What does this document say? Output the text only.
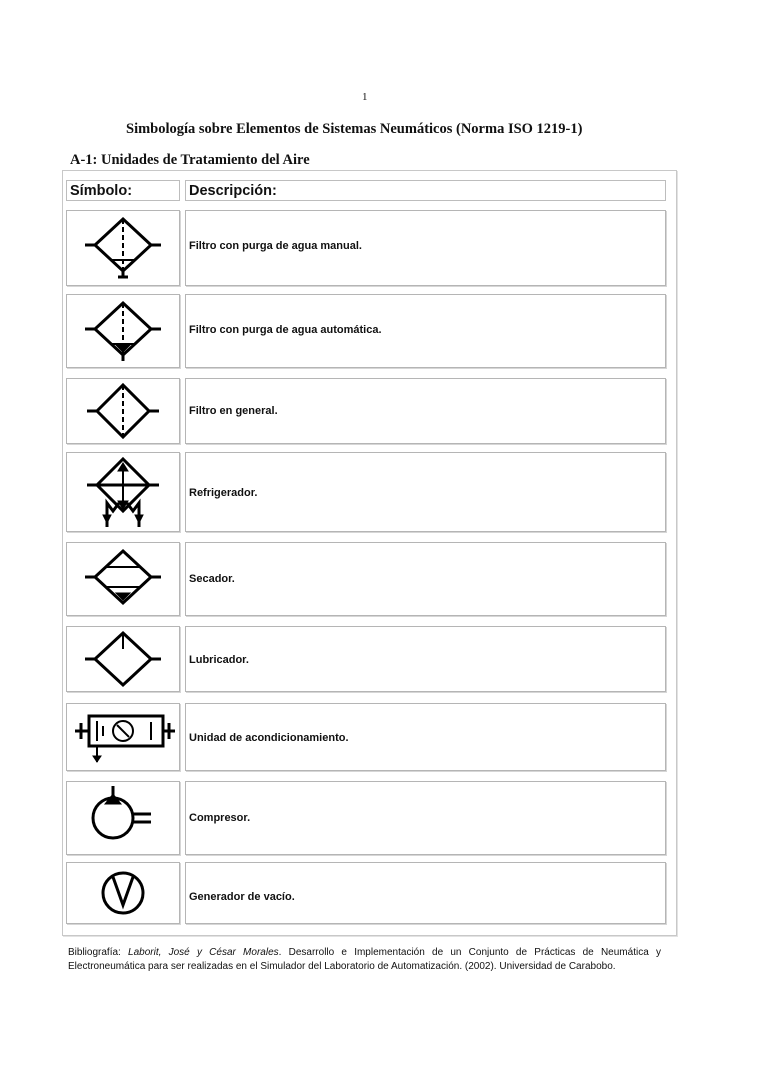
1
Simbología sobre Elementos de Sistemas Neumáticos (Norma ISO 1219-1)
A-1: Unidades de Tratamiento del Aire
Símbolo:	Descripción:
Filtro con purga de agua manual.
Filtro con purga de agua automática.
Filtro en general.
Refrigerador.
Secador.
Lubricador.
Unidad de acondicionamiento.
Compresor.
Generador de vacío.
Bibliografía: Laborit, José y César Morales. Desarrollo e Implementación de un Conjunto de Prácticas de Neumática y Electroneumática para ser realizadas en el Simulador del Laboratorio de Automatización. (2002). Universidad de Carabobo.
